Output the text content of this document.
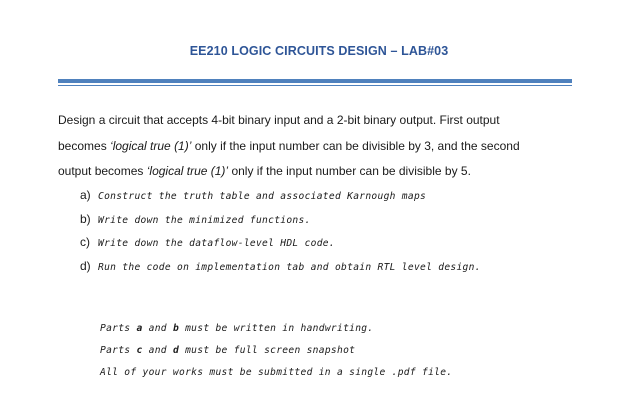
EE210 LOGIC CIRCUITS DESIGN – LAB#03
Design a circuit that accepts 4-bit binary input and a 2-bit binary output. First output
becomes ‘logical true (1)’ only if the input number can be divisible by 3, and the second
output becomes ‘logical true (1)’ only if the input number can be divisible by 5.
a) Construct the truth table and associated Karnough maps
b) Write down the minimized functions.
c) Write down the dataflow-level HDL code.
d) Run the code on implementation tab and obtain RTL level design.
Parts a and b must be written in handwriting.
Parts c and d must be full screen snapshot
All of your works must be submitted in a single .pdf file.
